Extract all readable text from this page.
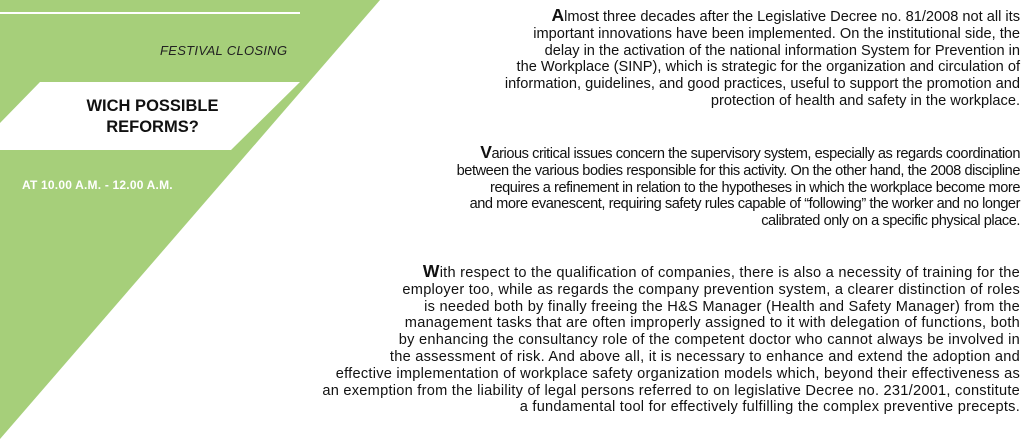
FESTIVAL CLOSING
WICH POSSIBLE
REFORMS?
AT 10.00 A.M. - 12.00 A.M.
Almost three decades after the Legislative Decree no. 81/2008 not all its
important innovations have been implemented. On the institutional side, the
delay in the activation of the national information System for Prevention in
the Workplace (SINP), which is strategic for the organization and circulation of
information, guidelines, and good practices, useful to support the promotion and
protection of health and safety in the workplace.
Various critical issues concern the supervisory system, especially as regards coordination
between the various bodies responsible for this activity. On the other hand, the 2008 discipline
requires a refinement in relation to the hypotheses in which the workplace become more
and more evanescent, requiring safety rules capable of “following” the worker and no longer
calibrated only on a specific physical place.
With respect to the qualification of companies, there is also a necessity of training for the
employer too, while as regards the company prevention system, a clearer distinction of roles
is needed both by finally freeing the H&S Manager (Health and Safety Manager) from the
management tasks that are often improperly assigned to it with delegation of functions, both
by enhancing the consultancy role of the competent doctor who cannot always be involved in
the assessment of risk. And above all, it is necessary to enhance and extend the adoption and
effective implementation of workplace safety organization models which, beyond their effectiveness as
an exemption from the liability of legal persons referred to on legislative Decree no. 231/2001, constitute
a fundamental tool for effectively fulfilling the complex preventive precepts.
